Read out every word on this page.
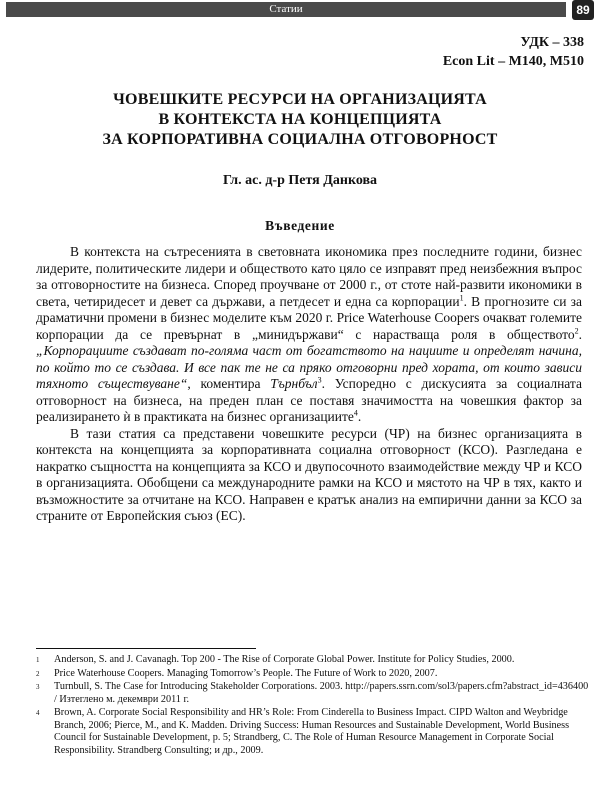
Статии	89
УДК – 338
Econ Lit – M140, M510
ЧОВЕШКИТЕ РЕСУРСИ НА ОРГАНИЗАЦИЯТА
В КОНТЕКСТА НА КОНЦЕПЦИЯТА
ЗА КОРПОРАТИВНА СОЦИАЛНА ОТГОВОРНОСТ
Гл. ас. д-р Петя Данкова
Въведение

В контекста на сътресенията в световната икономика през последните години, бизнес лидерите, политическите лидери и обществото като цяло се изправят пред неизбежния въпрос за отговорностите на бизнеса. Според проучване от 2000 г., от стоте най-развити икономики в света, четиридесет и девет са държави, а петдесет и една са корпорации$^1$. В прогнозите си за драматични промени в бизнес моделите към 2020 г. Price Waterhouse Coopers очакват големите корпорации да се превърнат в „минидържави“ с нарастваща роля в обществото$^2$. „Корпорациите създават по-голяма част от богатството на нациите и определят начина, по който то се създава. И все пак те не са пряко отговорни пред хората, от които зависи тяхното съществуване“, коментира Търнбъл$^3$. Успоредно с дискусията за социалната отговорност на бизнеса, на преден план се поставя значимостта на човешкия фактор за реализирането ѝ в практиката на бизнес организациите$^4$.

В тази статия са представени човешките ресурси (ЧР) на бизнес организацията в контекста на концепцията за корпоративната социална отговорност (КСО). Разгледана е накратко същността на концепцията за КСО и двупосочното взаимодействие между ЧР и КСО в организацията. Обобщени са международните рамки на КСО и мястото на ЧР в тях, както и възможностите за отчитане на КСО. Направен е кратък анализ на емпирични данни за КСО за страните от Европейския съюз (ЕС).

1 Anderson, S. and J. Cavanagh. Top 200 - The Rise of Corporate Global Power. Institute for Policy Studies, 2000.
2 Price Waterhouse Coopers. Managing Tomorrow’s People. The Future of Work to 2020, 2007.
3 Turnbull, S. The Case for Introducing Stakeholder Corporations. 2003. http://papers.ssrn.com/sol3/papers.cfm?abstract_id=436400 / Изтеглено м. декември 2011 г.
4 Brown, A. Corporate Social Responsibility and HR’s Role: From Cinderella to Business Impact. CIPD Walton and Weybridge Branch, 2006; Pierce, M., and K. Madden. Driving Success: Human Resources and Sustainable Development, World Business Council for Sustainable Development, p. 5; Strandberg, C. The Role of Human Resource Management in Corporate Social Responsibility. Strandberg Consulting; и др., 2009.
